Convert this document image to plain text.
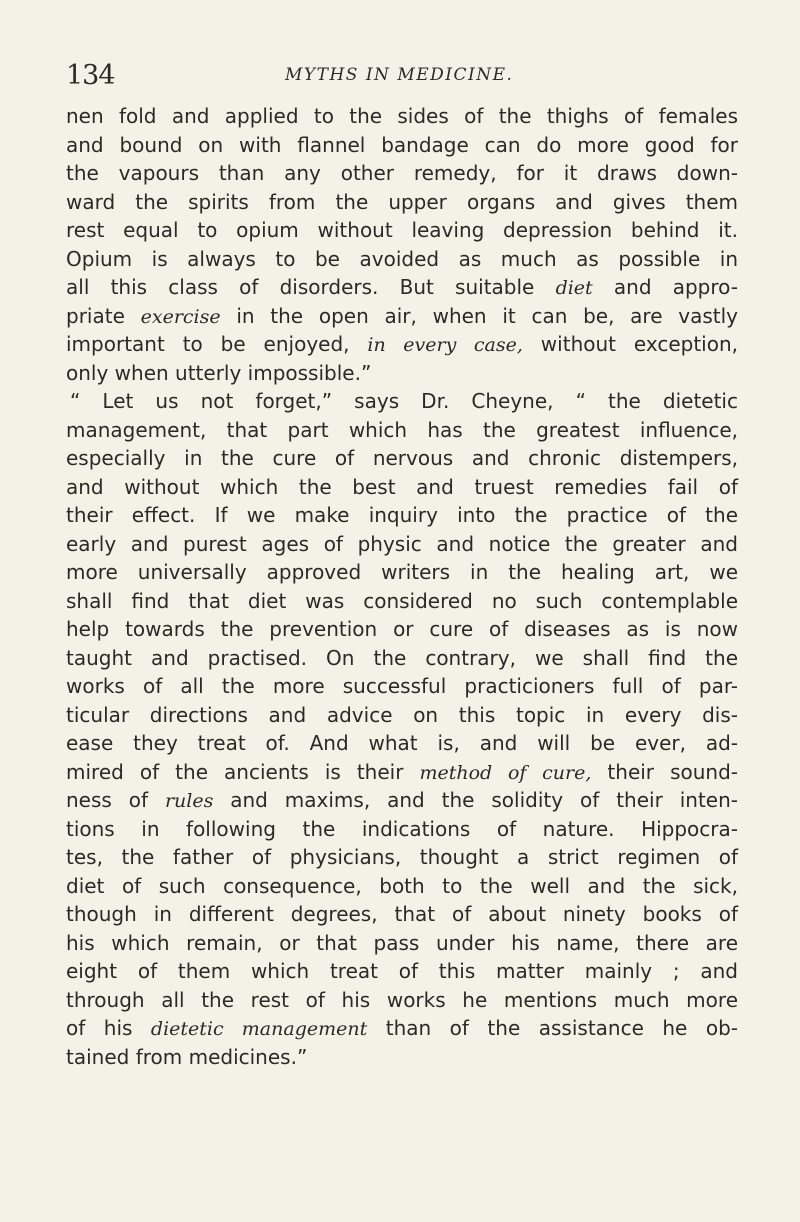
134	MYTHS IN MEDICINE.
nen fold and applied to the sides of the thighs of females
and bound on with flannel bandage can do more good for
the vapours than any other remedy, for it draws down-
ward the spirits from the upper organs and gives them
rest equal to opium without leaving depression behind it.
Opium is always to be avoided as much as possible in
all this class of disorders. But suitable diet and appro-
priate exercise in the open air, when it can be, are vastly
important to be enjoyed, in every case, without exception,
only when utterly impossible.”
“ Let us not forget,” says Dr. Cheyne, “ the dietetic
management, that part which has the greatest influence,
especially in the cure of nervous and chronic distempers,
and without which the best and truest remedies fail of
their effect. If we make inquiry into the practice of the
early and purest ages of physic and notice the greater and
more universally approved writers in the healing art, we
shall find that diet was considered no such contemplable
help towards the prevention or cure of diseases as is now
taught and practised. On the contrary, we shall find the
works of all the more successful practicioners full of par-
ticular directions and advice on this topic in every dis-
ease they treat of. And what is, and will be ever, ad-
mired of the ancients is their method of cure, their sound-
ness of rules and maxims, and the solidity of their inten-
tions in following the indications of nature. Hippocra-
tes, the father of physicians, thought a strict regimen of
diet of such consequence, both to the well and the sick,
though in different degrees, that of about ninety books of
his which remain, or that pass under his name, there are
eight of them which treat of this matter mainly ; and
through all the rest of his works he mentions much more
of his dietetic management than of the assistance he ob-
tained from medicines.”
